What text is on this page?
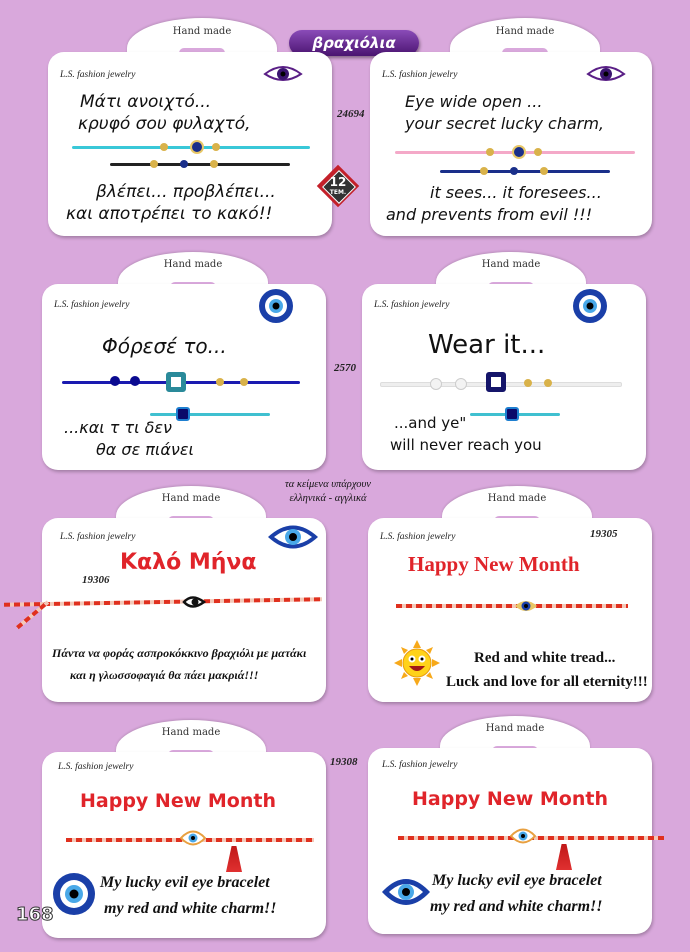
βραχιόλια
Hand made
L.S. fashion jewelry
Μάτι ανοιχτό...
κρυφό σου φυλαχτό,
βλέπει... προβλέπει...
και αποτρέπει το κακό!!
24694
12
ΤΕΜ.
Hand made
L.S. fashion jewelry
Eye wide open ...
your secret lucky charm,
it sees... it foresees...
and prevents from evil !!!
Hand made
L.S. fashion jewelry
Φόρεσέ το...
...και τ τι δεν
θα σε πιάνει
2570
Hand made
L.S. fashion jewelry
Wear it...
...and ye"
will never reach you
τα κείμενα υπάρχουν
ελληνικά - αγγλικά
Hand made
L.S. fashion jewelry
Καλό Μήνα
19306
Πάντα να φοράς ασπροκόκκινο βραχιόλι με ματάκι
και η γλωσσοφαγιά θα πάει μακριά!!!
Hand made
L.S. fashion jewelry	19305
Happy New Month
Red and white tread...
Luck and love for all eternity!!!
Hand made
L.S. fashion jewelry
Happy New Month
My lucky evil eye bracelet
my red and white charm!!
19308
Hand made
L.S. fashion jewelry
Happy New Month
My lucky evil eye bracelet
my red and white charm!!
168
